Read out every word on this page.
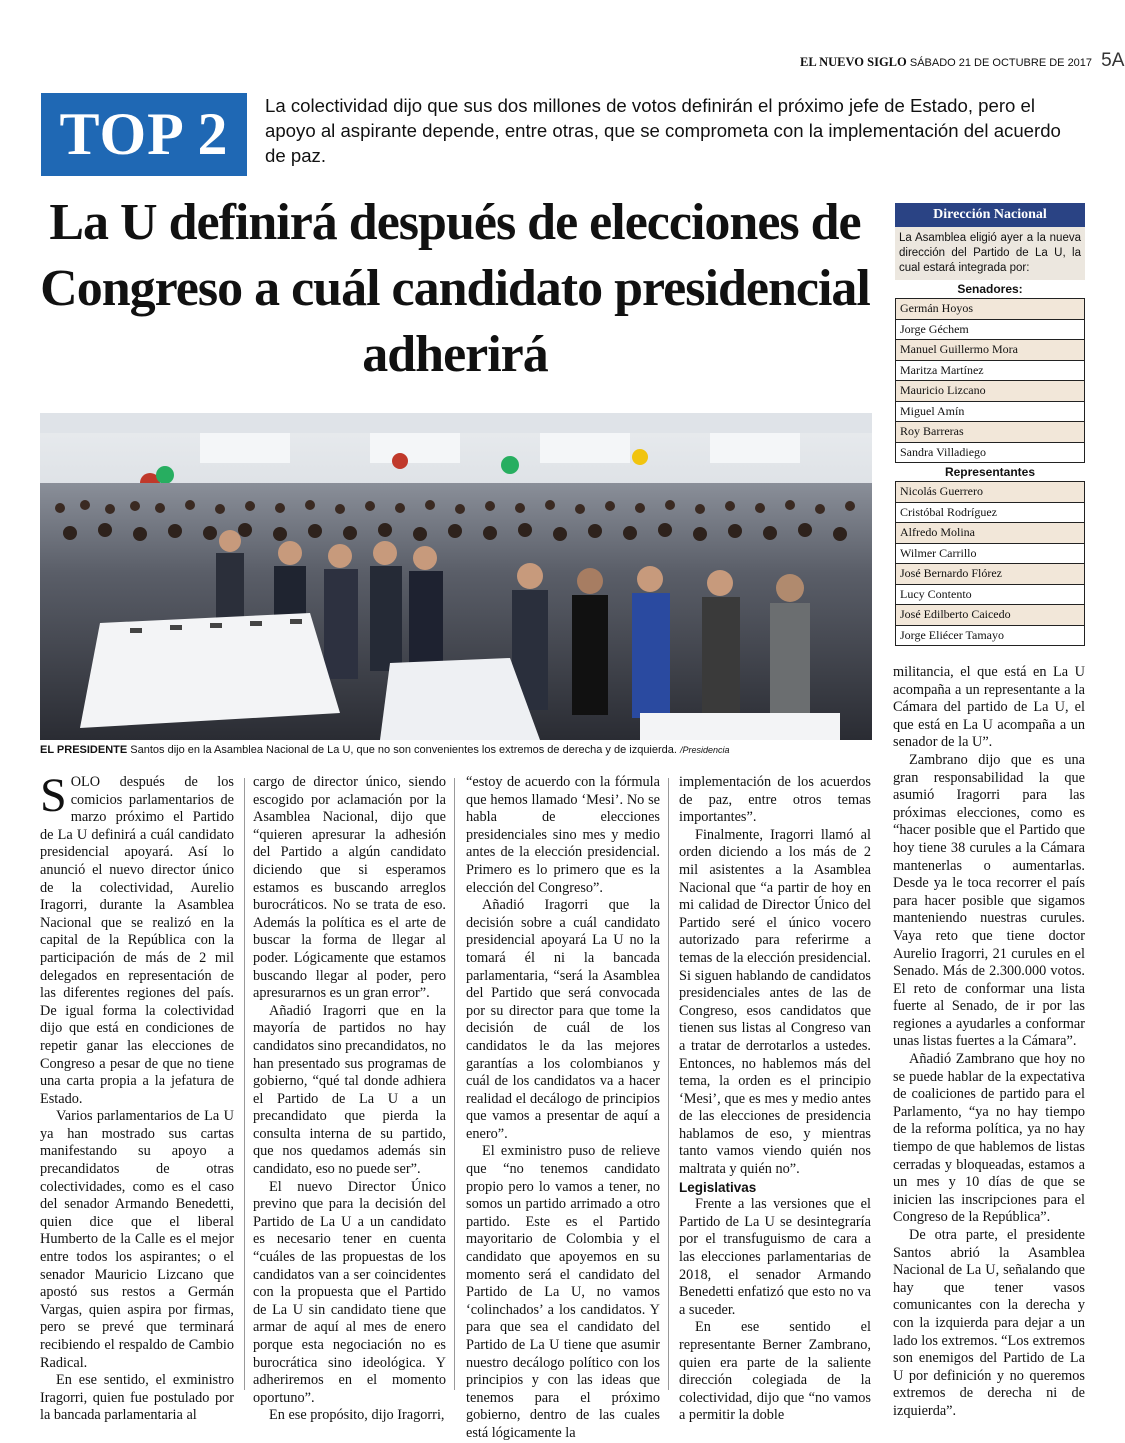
EL NUEVO SIGLO SÁBADO 21 DE OCTUBRE DE 2017 5A
TOP 2	La colectividad dijo que sus dos millones de votos definirán el próximo jefe de Estado, pero el apoyo al aspirante depende, entre otras, que se comprometa con la implementación del acuerdo de paz.
La U definirá después de elecciones de Congreso a cuál candidato presidencial adherirá
EL PRESIDENTE Santos dijo en la Asamblea Nacional de La U, que no son convenientes los extremos de derecha y de izquierda. /Presidencia
Dirección Nacional
La Asamblea eligió ayer a la nueva dirección del Partido de La U, la cual estará integrada por:
Senadores:
Germán Hoyos
Jorge Géchem
Manuel Guillermo Mora
Maritza Martínez
Mauricio Lizcano
Miguel Amín
Roy Barreras
Sandra Villadiego
Representantes
Nicolás Guerrero
Cristóbal Rodríguez
Alfredo Molina
Wilmer Carrillo
José Bernardo Flórez
Lucy Contento
José Edilberto Caicedo
Jorge Eliécer Tamayo

SOLO después de los comicios parlamentarios de marzo próximo el Partido de La U definirá a cuál candidato presidencial apoyará. Así lo anunció el nuevo director único de la colectividad, Aurelio Iragorri, durante la Asamblea Nacional que se realizó en la capital de la República con la participación de más de 2 mil delegados en representación de las diferentes regiones del país. De igual forma la colectividad dijo que está en condiciones de repetir ganar las elecciones de Congreso a pesar de que no tiene una carta propia a la jefatura de Estado.

Varios parlamentarios de La U ya han mostrado sus cartas manifestando su apoyo a precandidatos de otras colectividades, como es el caso del senador Armando Benedetti, quien dice que el liberal Humberto de la Calle es el mejor entre todos los aspirantes; o el senador Mauricio Lizcano que apostó sus restos a Germán Vargas, quien aspira por firmas, pero se prevé que terminará recibiendo el respaldo de Cambio Radical.

En ese sentido, el exministro Iragorri, quien fue postulado por la bancada parlamentaria al

cargo de director único, siendo escogido por aclamación por la Asamblea Nacional, dijo que “quieren apresurar la adhesión del Partido a algún candidato diciendo que si esperamos estamos es buscando arreglos burocráticos. No se trata de eso. Además la política es el arte de buscar la forma de llegar al poder. Lógicamente que estamos buscando llegar al poder, pero apresurarnos es un gran error”.

Añadió Iragorri que en la mayoría de partidos no hay candidatos sino precandidatos, no han presentado sus programas de gobierno, “qué tal donde adhiera el Partido de La U a un precandidato que pierda la consulta interna de su partido, que nos quedamos además sin candidato, eso no puede ser”.

El nuevo Director Único previno que para la decisión del Partido de La U a un candidato es necesario tener en cuenta “cuáles de las propuestas de los candidatos van a ser coincidentes con la propuesta que el Partido de La U sin candidato tiene que armar de aquí al mes de enero porque esta negociación no es burocrática sino ideológica. Y adheriremos en el momento oportuno”.

En ese propósito, dijo Iragorri,

“estoy de acuerdo con la fórmula que hemos llamado ‘Mesi’. No se habla de elecciones presidenciales sino mes y medio antes de la elección presidencial. Primero es lo primero que es la elección del Congreso”.

Añadió Iragorri que la decisión sobre a cuál candidato presidencial apoyará La U no la tomará él ni la bancada parlamentaria, “será la Asamblea del Partido que será convocada por su director para que tome la decisión de cuál de los candidatos le da las mejores garantías a los colombianos y cuál de los candidatos va a hacer realidad el decálogo de principios que vamos a presentar de aquí a enero”.

El exministro puso de relieve que “no tenemos candidato propio pero lo vamos a tener, no somos un partido arrimado a otro partido. Este es el Partido mayoritario de Colombia y el candidato que apoyemos en su momento será el candidato del Partido de La U, no vamos ‘colinchados’ a los candidatos. Y para que sea el candidato del Partido de La U tiene que asumir nuestro decálogo político con los principios y con las ideas que tenemos para el próximo gobierno, dentro de las cuales está lógicamente la

implementación de los acuerdos de paz, entre otros temas importantes”.

Finalmente, Iragorri llamó al orden diciendo a los más de 2 mil asistentes a la Asamblea Nacional que “a partir de hoy en mi calidad de Director Único del Partido seré el único vocero autorizado para referirme a temas de la elección presidencial. Si siguen hablando de candidatos presidenciales antes de las de Congreso, esos candidatos que tienen sus listas al Congreso van a tratar de derrotarlos a ustedes. Entonces, no hablemos más del tema, la orden es el principio ‘Mesi’, que es mes y medio antes de las elecciones de presidencia hablamos de eso, y mientras tanto vamos viendo quién nos maltrata y quién no”.

Legislativas

Frente a las versiones que el Partido de La U se desintegraría por el transfuguismo de cara a las elecciones parlamentarias de 2018, el senador Armando Benedetti enfatizó que esto no va a suceder.

En ese sentido el representante Berner Zambrano, quien era parte de la saliente dirección colegiada de la colectividad, dijo que “no vamos a permitir la doble

militancia, el que está en La U acompaña a un representante a la Cámara del partido de La U, el que está en La U acompaña a un senador de la U”.

Zambrano dijo que es una gran responsabilidad la que asumió Iragorri para las próximas elecciones, como es “hacer posible que el Partido que hoy tiene 38 curules a la Cámara mantenerlas o aumentarlas. Desde ya le toca recorrer el país para hacer posible que sigamos manteniendo nuestras curules. Vaya reto que tiene doctor Aurelio Iragorri, 21 curules en el Senado. Más de 2.300.000 votos. El reto de conformar una lista fuerte al Senado, de ir por las regiones a ayudarles a conformar unas listas fuertes a la Cámara”.

Añadió Zambrano que hoy no se puede hablar de la expectativa de coaliciones de partido para el Parlamento, “ya no hay tiempo de la reforma política, ya no hay tiempo de que hablemos de listas cerradas y bloqueadas, estamos a un mes y 10 días de que se inicien las inscripciones para el Congreso de la República”.

De otra parte, el presidente Santos abrió la Asamblea Nacional de La U, señalando que hay que tener vasos comunicantes con la derecha y con la izquierda para dejar a un lado los extremos. “Los extremos son enemigos del Partido de La U por definición y no queremos extremos de derecha ni de izquierda”.
